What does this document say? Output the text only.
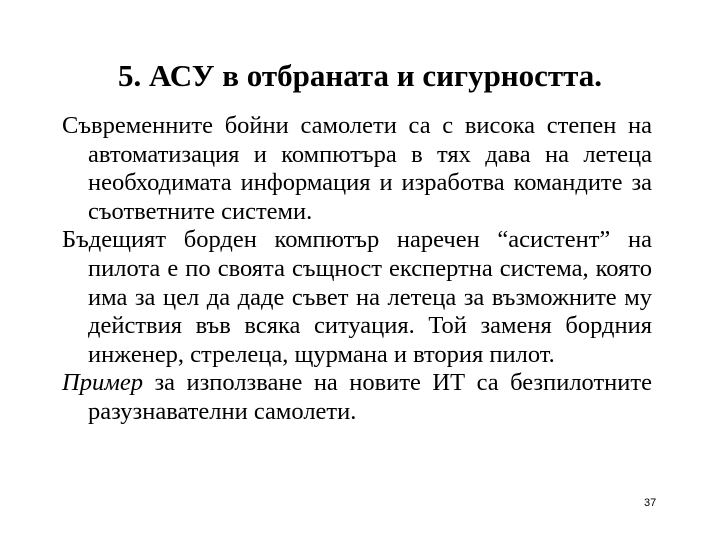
5. АСУ в отбраната и сигурността.

Съвременните бойни самолети са с висока степен на автоматизация и компютъра в тях дава на летеца необходимата информация и изработва командите за съответните системи.

Бъдещият борден компютър наречен “асистент” на пилота е по своята същност експертна система, която има за цел да даде съвет на летеца за възможните му действия във всяка ситуация. Той заменя бордния инженер, стрелеца, щурмана и втория пилот.

Пример за използване на новите ИТ са безпилотните разузнавателни самолети.

37
